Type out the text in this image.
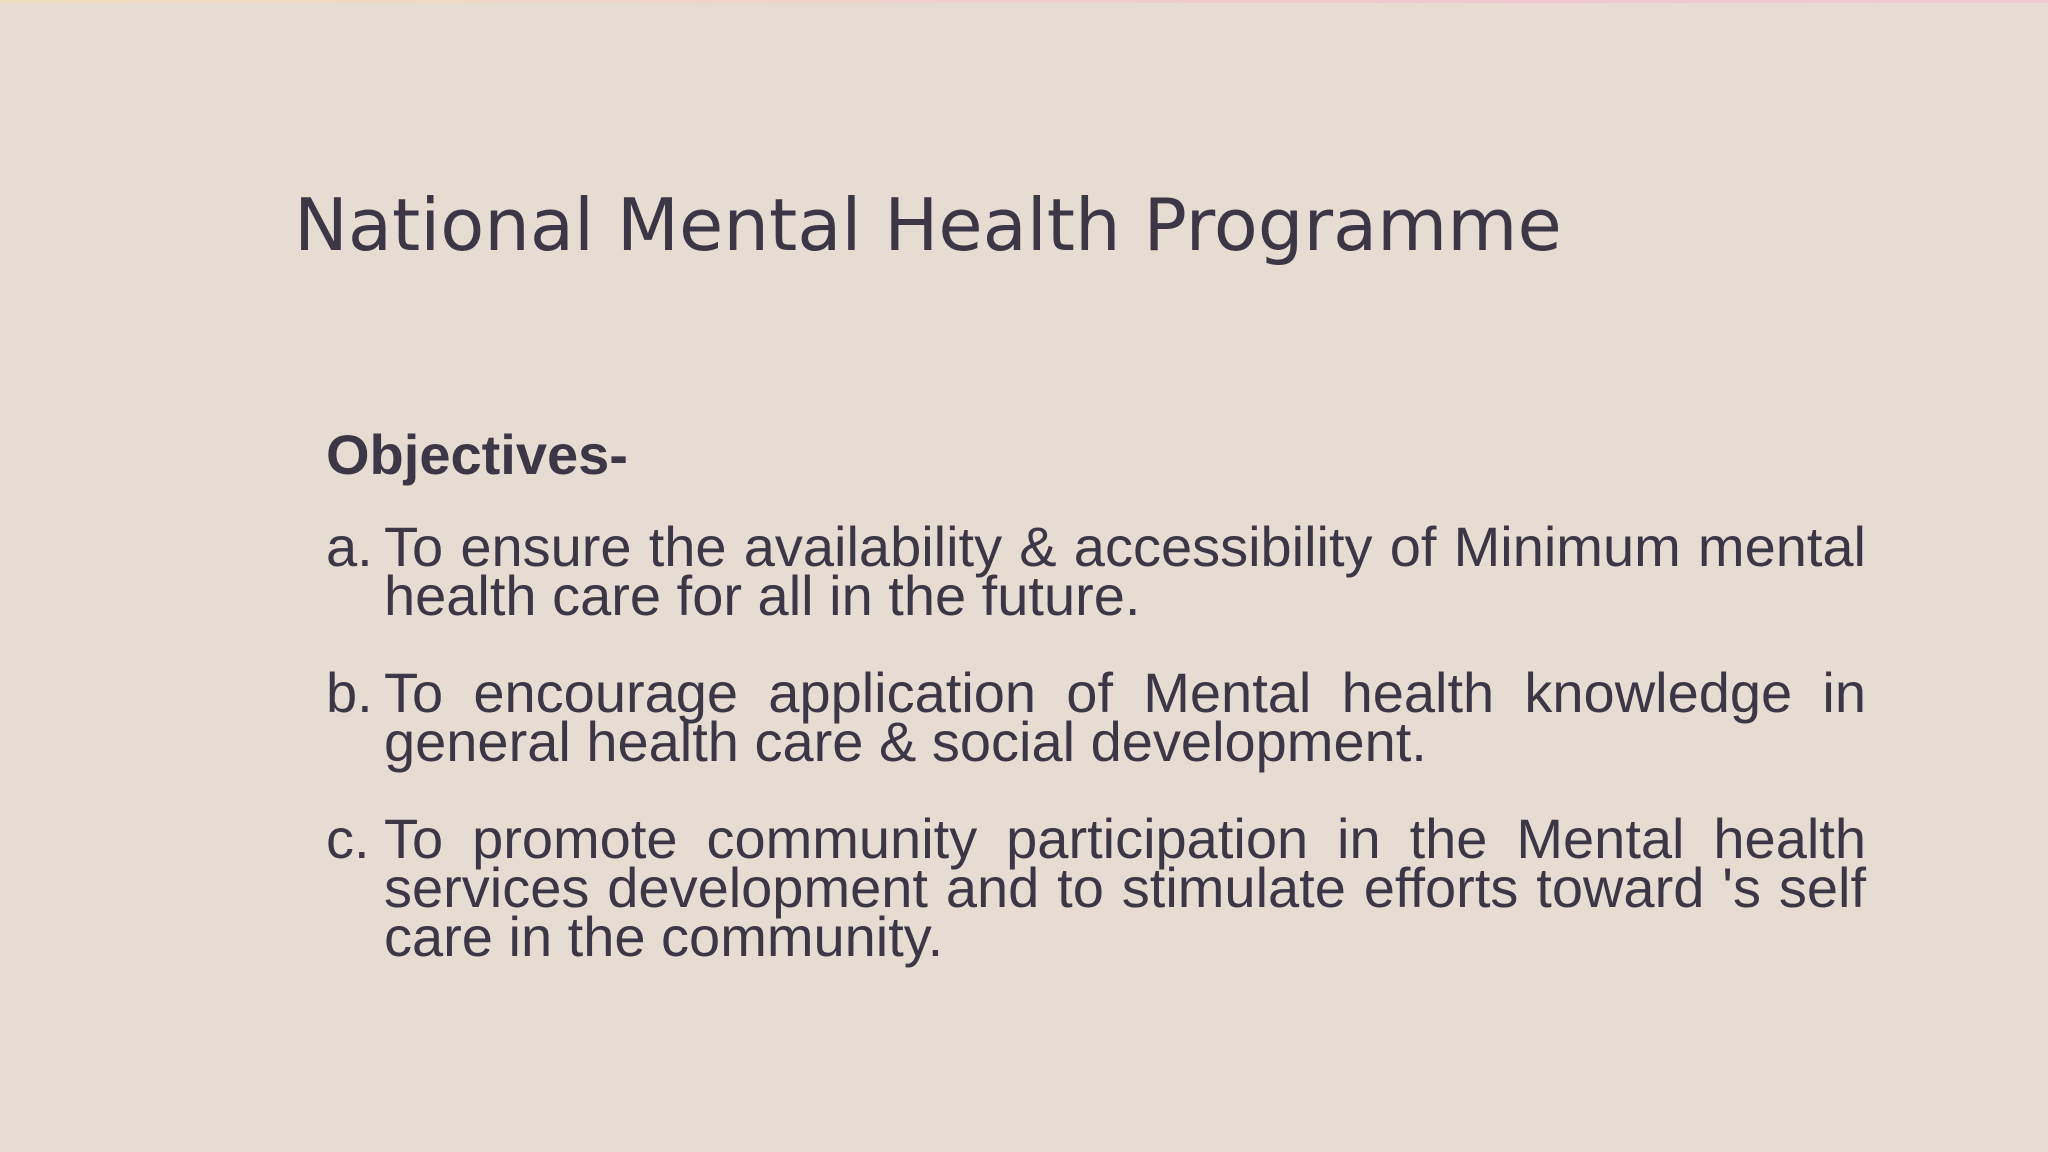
National Mental Health Programme
Objectives-
a. To ensure the availability & accessibility of Minimum mental health care for all in the future.
b. To encourage application of Mental health knowledge in general health care & social development.
c. To promote community participation in the Mental health services development and to stimulate efforts toward 's self care in the community.
